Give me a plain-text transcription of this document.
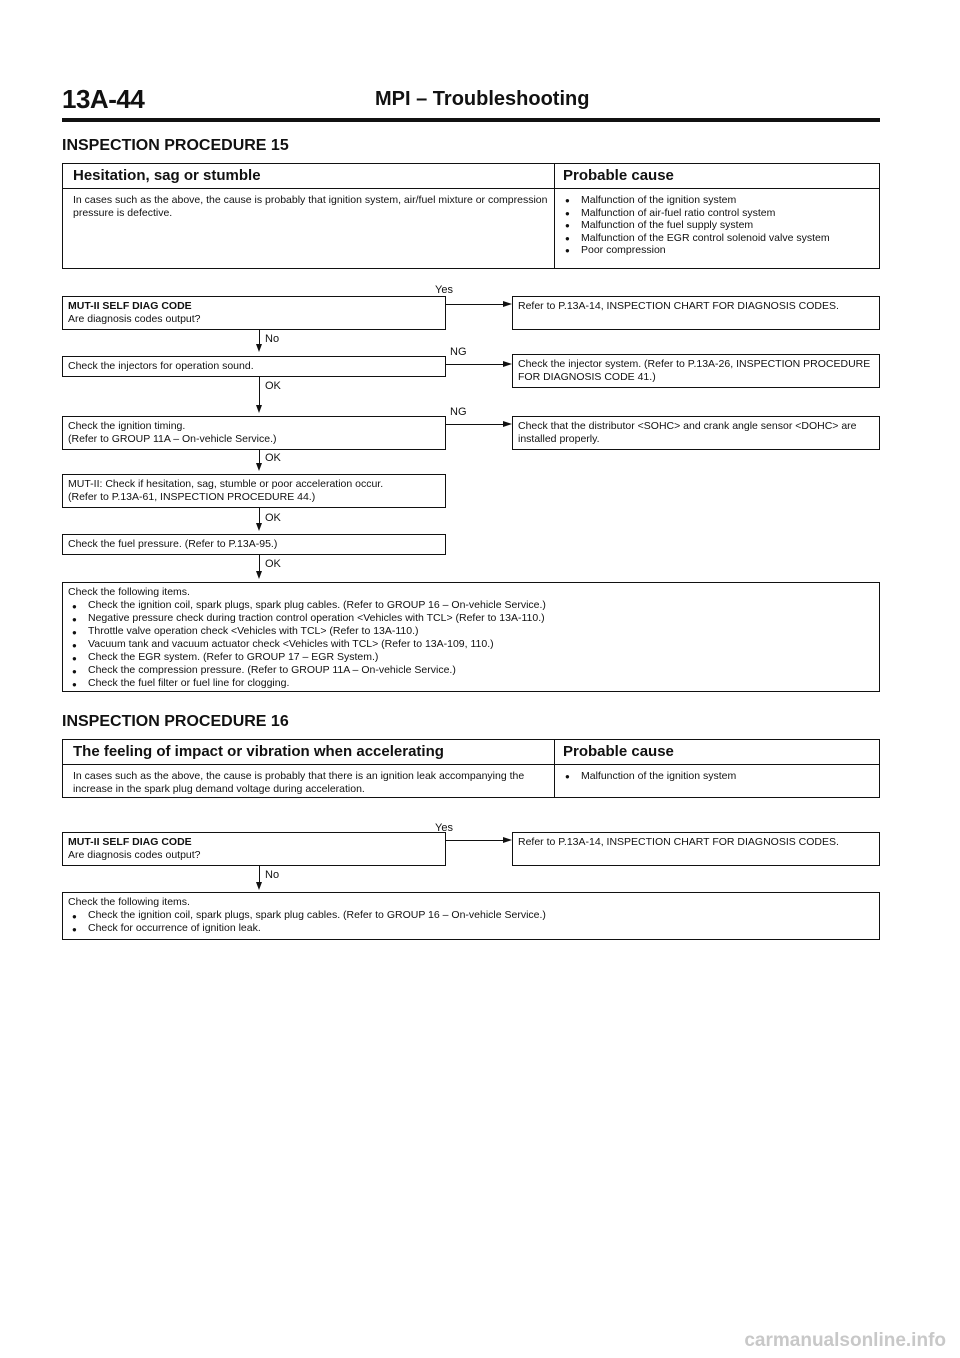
13A-44	MPI – Troubleshooting
INSPECTION PROCEDURE 15
Hesitation, sag or stumble	Probable cause
In cases such as the above, the cause is probably that ignition system, air/fuel mixture or compression pressure is defective.
● Malfunction of the ignition system
● Malfunction of air-fuel ratio control system
● Malfunction of the fuel supply system
● Malfunction of the EGR control solenoid valve system
● Poor compression
MUT-II SELF DIAG CODE
Are diagnosis codes output?
Yes
Refer to P.13A-14, INSPECTION CHART FOR DIAGNOSIS CODES.
No
Check the injectors for operation sound.
NG
Check the injector system. (Refer to P.13A-26, INSPECTION PROCEDURE FOR DIAGNOSIS CODE 41.)
OK
Check the ignition timing.
(Refer to GROUP 11A – On-vehicle Service.)
NG
Check that the distributor <SOHC> and crank angle sensor <DOHC> are installed properly.
OK
MUT-II: Check if hesitation, sag, stumble or poor acceleration occur.
(Refer to P.13A-61, INSPECTION PROCEDURE 44.)
OK
Check the fuel pressure. (Refer to P.13A-95.)
OK
Check the following items.
● Check the ignition coil, spark plugs, spark plug cables. (Refer to GROUP 16 – On-vehicle Service.)
● Negative pressure check during traction control operation <Vehicles with TCL> (Refer to 13A-110.)
● Throttle valve operation check <Vehicles with TCL> (Refer to 13A-110.)
● Vacuum tank and vacuum actuator check <Vehicles with TCL> (Refer to 13A-109, 110.)
● Check the EGR system. (Refer to GROUP 17 – EGR System.)
● Check the compression pressure. (Refer to GROUP 11A – On-vehicle Service.)
● Check the fuel filter or fuel line for clogging.
INSPECTION PROCEDURE 16
The feeling of impact or vibration when accelerating	Probable cause
In cases such as the above, the cause is probably that there is an ignition leak accompanying the increase in the spark plug demand voltage during acceleration.
● Malfunction of the ignition system
MUT-II SELF DIAG CODE
Are diagnosis codes output?
Yes
Refer to P.13A-14, INSPECTION CHART FOR DIAGNOSIS CODES.
No
Check the following items.
● Check the ignition coil, spark plugs, spark plug cables. (Refer to GROUP 16 – On-vehicle Service.)
● Check for occurrence of ignition leak.
carmanualsonline.info
